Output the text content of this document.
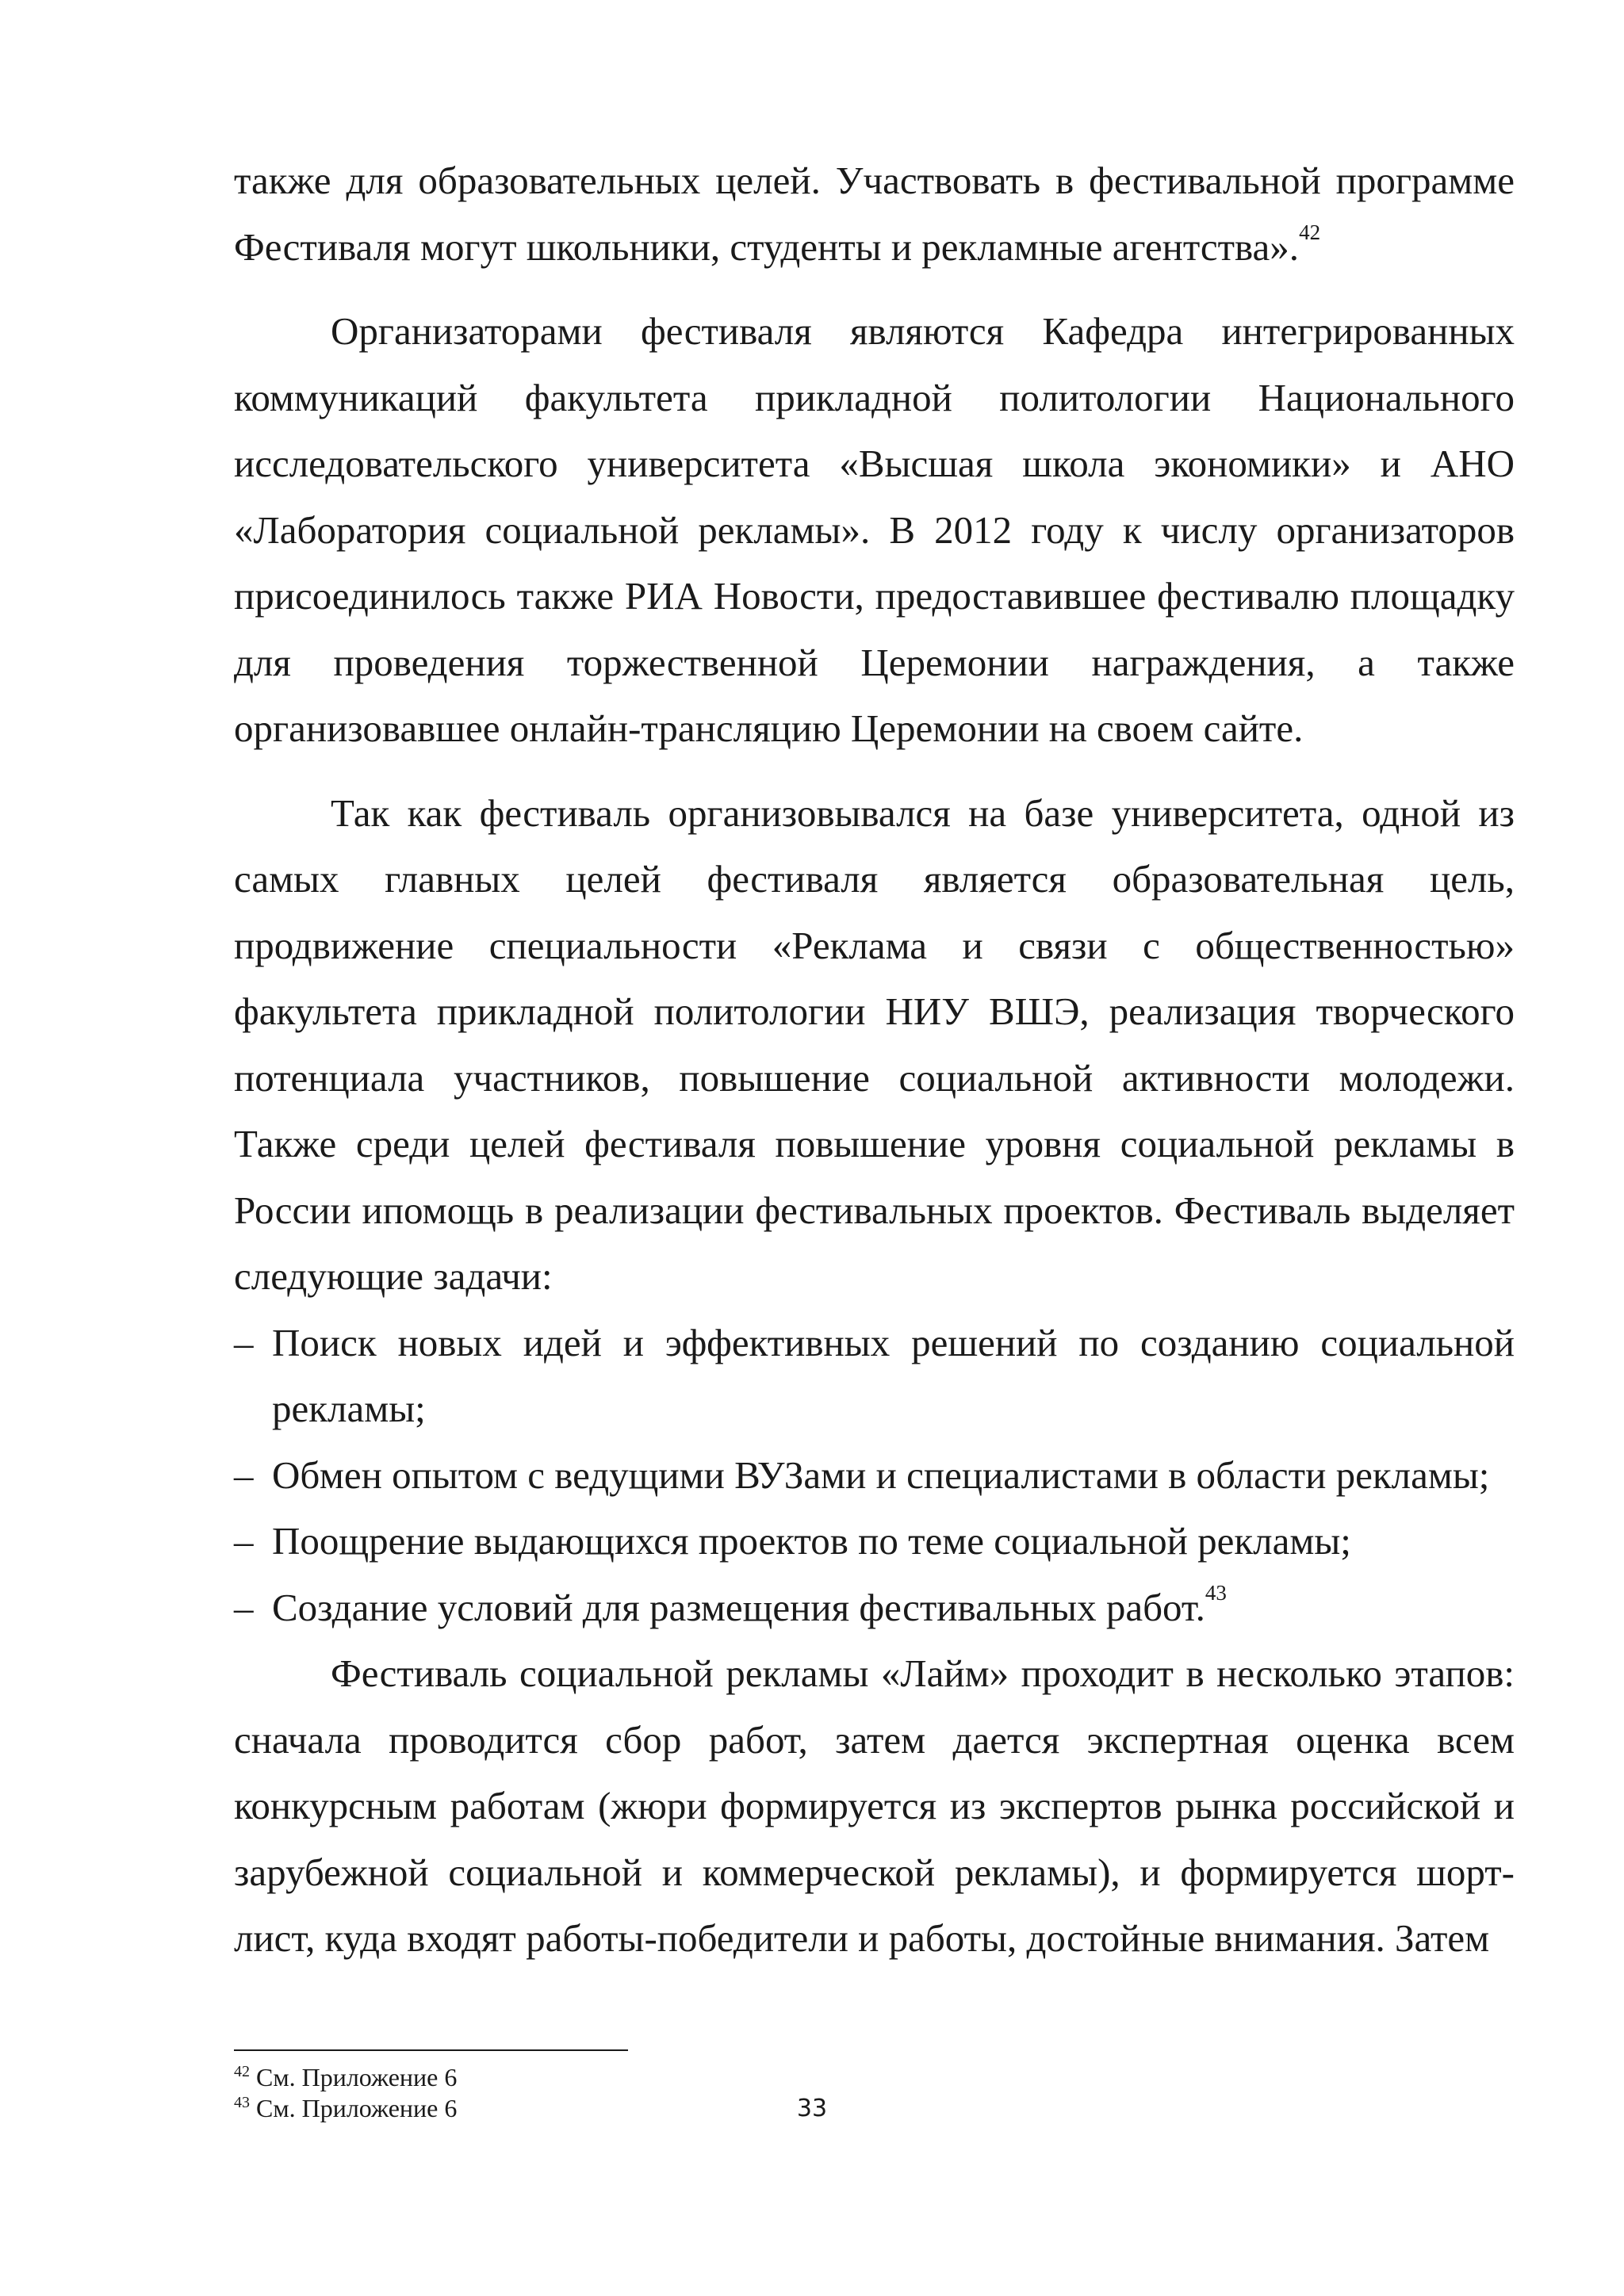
также для образовательных целей. Участвовать в фестивальной программе Фестиваля могут школьники, студенты и рекламные агентства».$^{42}$

Организаторами фестиваля являются Кафедра интегрированных коммуникаций факультета прикладной политологии Национального исследовательского университета «Высшая школа экономики» и АНО «Лаборатория социальной рекламы». В 2012 году к числу организаторов присоединилось также РИА Новости, предоставившее фестивалю площадку для проведения торжественной Церемонии награждения, а также организовавшее онлайн-трансляцию Церемонии на своем сайте.

Так как фестиваль организовывался на базе университета, одной из самых главных целей фестиваля является образовательная цель, продвижение специальности «Реклама и связи с общественностью» факультета прикладной политологии НИУ ВШЭ, реализация творческого потенциала участников, повышение социальной активности молодежи. Также среди целей фестиваля повышение уровня социальной рекламы в России ипомощь в реализации фестивальных проектов. Фестиваль выделяет следующие задачи:

– Поиск новых идей и эффективных решений по созданию социальной рекламы;
– Обмен опытом с ведущими ВУЗами и специалистами в области рекламы;
– Поощрение выдающихся проектов по теме социальной рекламы;
– Создание условий для размещения фестивальных работ.$^{43}$

Фестиваль социальной рекламы «Лайм» проходит в несколько этапов: сначала проводится сбор работ, затем дается экспертная оценка всем конкурсным работам (жюри формируется из экспертов рынка российской и зарубежной социальной и коммерческой рекламы), и формируется шорт-лист, куда входят работы-победители и работы, достойные внимания. Затем

$^{42}$ См. Приложение 6

$^{43}$ См. Приложение 6	33
